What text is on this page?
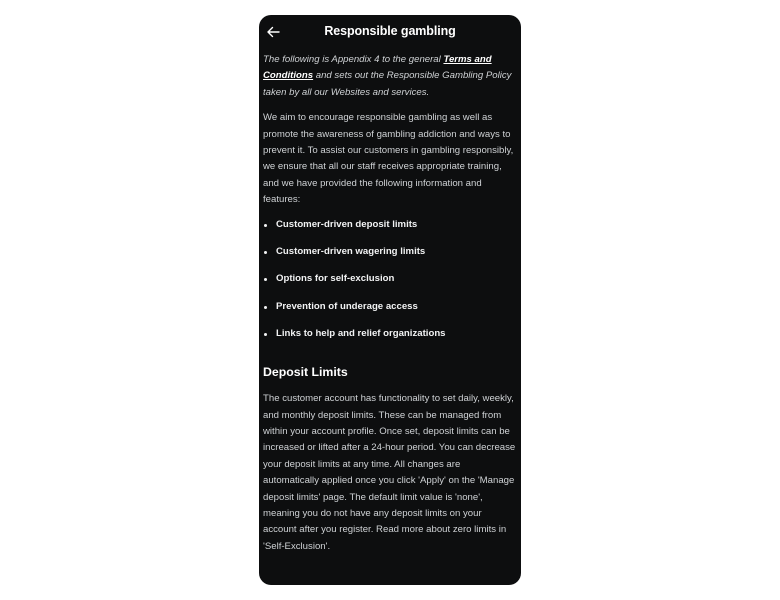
Responsible gambling

The following is Appendix 4 to the general Terms and Conditions and sets out the Responsible Gambling Policy taken by all our Websites and services.

We aim to encourage responsible gambling as well as promote the awareness of gambling addiction and ways to prevent it. To assist our customers in gambling responsibly, we ensure that all our staff receives appropriate training, and we have provided the following information and features:

Customer-driven deposit limits
Customer-driven wagering limits
Options for self-exclusion
Prevention of underage access
Links to help and relief organizations
Deposit Limits

The customer account has functionality to set daily, weekly, and monthly deposit limits. These can be managed from within your account profile. Once set, deposit limits can be increased or lifted after a 24-hour period. You can decrease your deposit limits at any time. All changes are automatically applied once you click 'Apply' on the 'Manage deposit limits' page. The default limit value is 'none', meaning you do not have any deposit limits on your account after you register. Read more about zero limits in 'Self-Exclusion'.
